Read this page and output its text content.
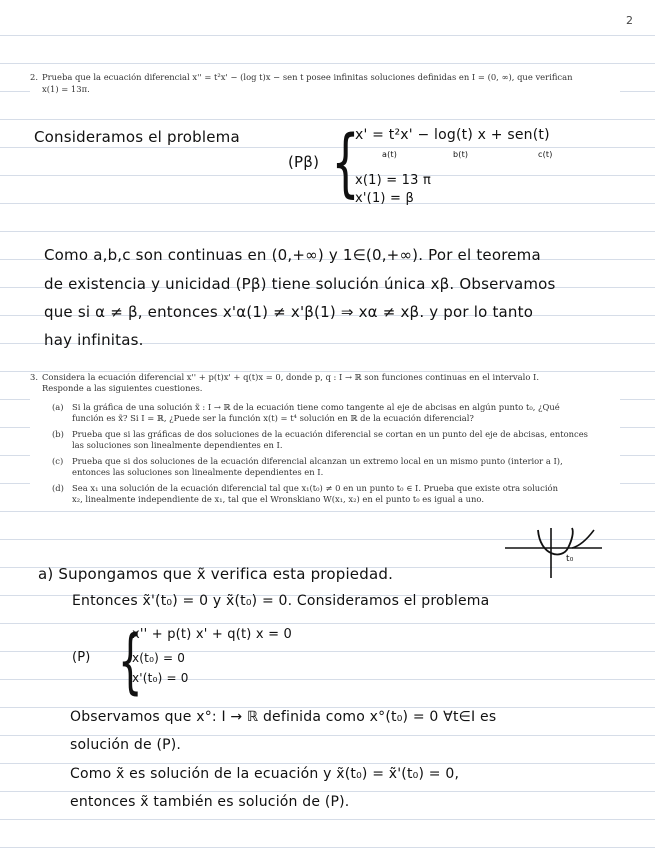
2
2. Prueba que la ecuación diferencial x'' = t²x' − (log t)x − sen t posee infinitas soluciones definidas en I = (0, ∞), que verifican
x(1) = 13π.
Consideramos el problema
(Pβ) {
x' = t²x' − log(t) x + sen(t)
a(t)	b(t)	c(t)
x(1) = 13 π
x'(1) = β
Como a,b,c son continuas en (0,+∞) y 1∈(0,+∞). Por el teorema
de existencia y unicidad (Pβ) tiene solución única xβ. Observamos
que si α ≠ β, entonces x'α(1) ≠ x'β(1) ⇒ xα ≠ xβ. y por lo tanto
hay infinitas.
3. Considera la ecuación diferencial x'' + p(t)x' + q(t)x = 0, donde p, q : I → ℝ son funciones continuas en el intervalo I.
Responde a las siguientes cuestiones.
(a) Si la gráfica de una solución x̃ : I → ℝ de la ecuación tiene como tangente al eje de abcisas en algún punto t₀, ¿Qué
función es x̃? Si I = ℝ, ¿Puede ser la función x(t) = t⁴ solución en ℝ de la ecuación diferencial?
(b) Prueba que si las gráficas de dos soluciones de la ecuación diferencial se cortan en un punto del eje de abcisas, entonces
las soluciones son linealmente dependientes en I.
(c) Prueba que si dos soluciones de la ecuación diferencial alcanzan un extremo local en un mismo punto (interior a I),
entonces las soluciones son linealmente dependientes en I.
(d) Sea x₁ una solución de la ecuación diferencial tal que x₁(t₀) ≠ 0 en un punto t₀ ∈ I. Prueba que existe otra solución
x₂, linealmente independiente de x₁, tal que el Wronskiano W(x₁, x₂) en el punto t₀ es igual a uno.
t₀
a) Supongamos que x̃ verifica esta propiedad.
Entonces x̃'(t₀) = 0 y x̃(t₀) = 0. Consideramos el problema
(P) {
x'' + p(t) x' + q(t) x = 0
x(t₀) = 0
x'(t₀) = 0
Observamos que x°: I → ℝ definida como x°(t₀) = 0 ∀t∈I es
solución de (P).
Como x̃ es solución de la ecuación y x̃(t₀) = x̃'(t₀) = 0,
entonces x̃ también es solución de (P).
